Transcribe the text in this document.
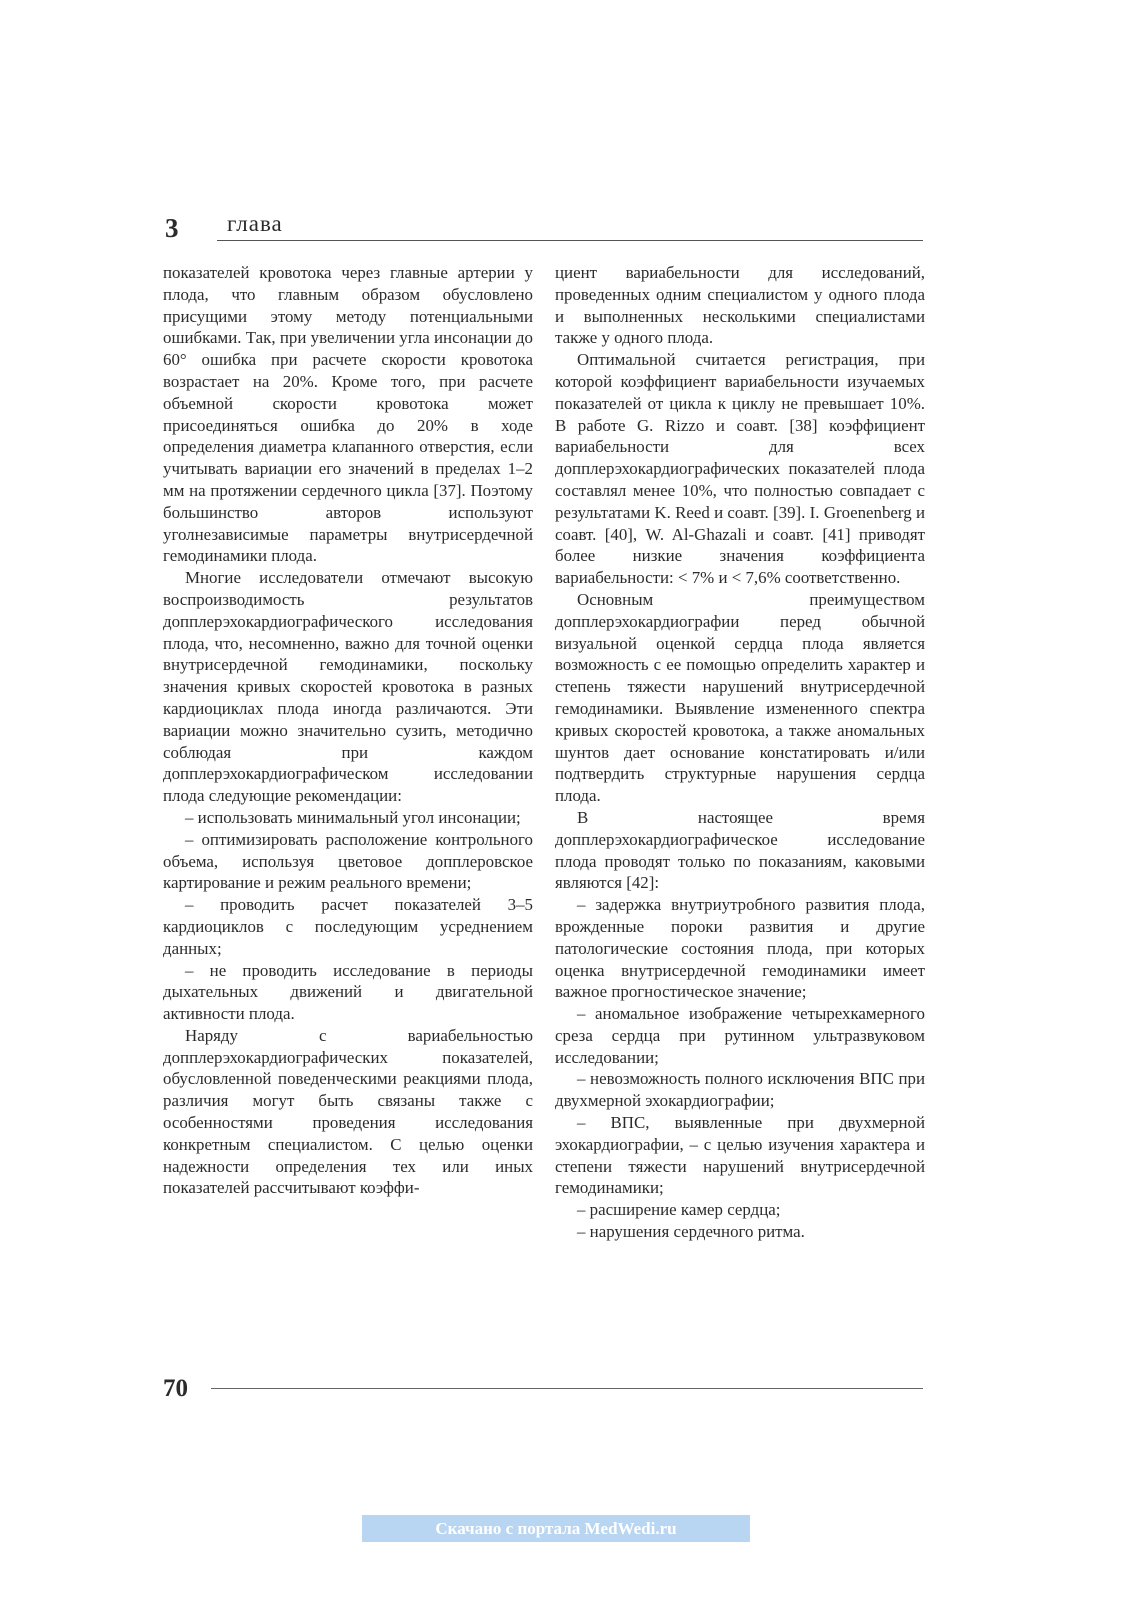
3 глава

показателей кровотока через главные артерии у плода, что главным образом обусловлено присущими этому методу потенциальными ошибками. Так, при увеличении угла инсонации до 60° ошибка при расчете скорости кровотока возрастает на 20%. Кроме того, при расчете объемной скорости кровотока может присоединяться ошибка до 20% в ходе определения диаметра клапанного отверстия, если учитывать вариации его значений в пределах 1–2 мм на протяжении сердечного цикла [37]. Поэтому большинство авторов используют уголнезависимые параметры внутрисердечной гемодинамики плода.

Многие исследователи отмечают высокую воспроизводимость результатов допплерэхокардиографического исследования плода, что, несомненно, важно для точной оценки внутрисердечной гемодинамики, поскольку значения кривых скоростей кровотока в разных кардиоциклах плода иногда различаются. Эти вариации можно значительно сузить, методично соблюдая при каждом допплерэхокардиографическом исследовании плода следующие рекомендации:

– использовать минимальный угол инсонации;

– оптимизировать расположение контрольного объема, используя цветовое допплеровское картирование и режим реального времени;

– проводить расчет показателей 3–5 кардиоциклов с последующим усреднением данных;

– не проводить исследование в периоды дыхательных движений и двигательной активности плода.

Наряду с вариабельностью допплерэхокардиографических показателей, обусловленной поведенческими реакциями плода, различия могут быть связаны также с особенностями проведения исследования конкретным специалистом. С целью оценки надежности определения тех или иных показателей рассчитывают коэффи-

циент вариабельности для исследований, проведенных одним специалистом у одного плода и выполненных несколькими специалистами также у одного плода.

Оптимальной считается регистрация, при которой коэффициент вариабельности изучаемых показателей от цикла к циклу не превышает 10%. В работе G. Rizzo и соавт. [38] коэффициент вариабельности для всех допплерэхокардиографических показателей плода составлял менее 10%, что полностью совпадает с результатами K. Reed и соавт. [39]. I. Groenenberg и соавт. [40], W. Al-Ghazali и соавт. [41] приводят более низкие значения коэффициента вариабельности: < 7% и < 7,6% соответственно.

Основным преимуществом допплерэхокардиографии перед обычной визуальной оценкой сердца плода является возможность с ее помощью определить характер и степень тяжести нарушений внутрисердечной гемодинамики. Выявление измененного спектра кривых скоростей кровотока, а также аномальных шунтов дает основание констатировать и/или подтвердить структурные нарушения сердца плода.

В настоящее время допплерэхокардиографическое исследование плода проводят только по показаниям, каковыми являются [42]:

– задержка внутриутробного развития плода, врожденные пороки развития и другие патологические состояния плода, при которых оценка внутрисердечной гемодинамики имеет важное прогностическое значение;

– аномальное изображение четырехкамерного среза сердца при рутинном ультразвуковом исследовании;

– невозможность полного исключения ВПС при двухмерной эхокардиографии;

– ВПС, выявленные при двухмерной эхокардиографии, – с целью изучения характера и степени тяжести нарушений внутрисердечной гемодинамики;

– расширение камер сердца;

– нарушения сердечного ритма.

70
Скачано с портала MedWedi.ru
